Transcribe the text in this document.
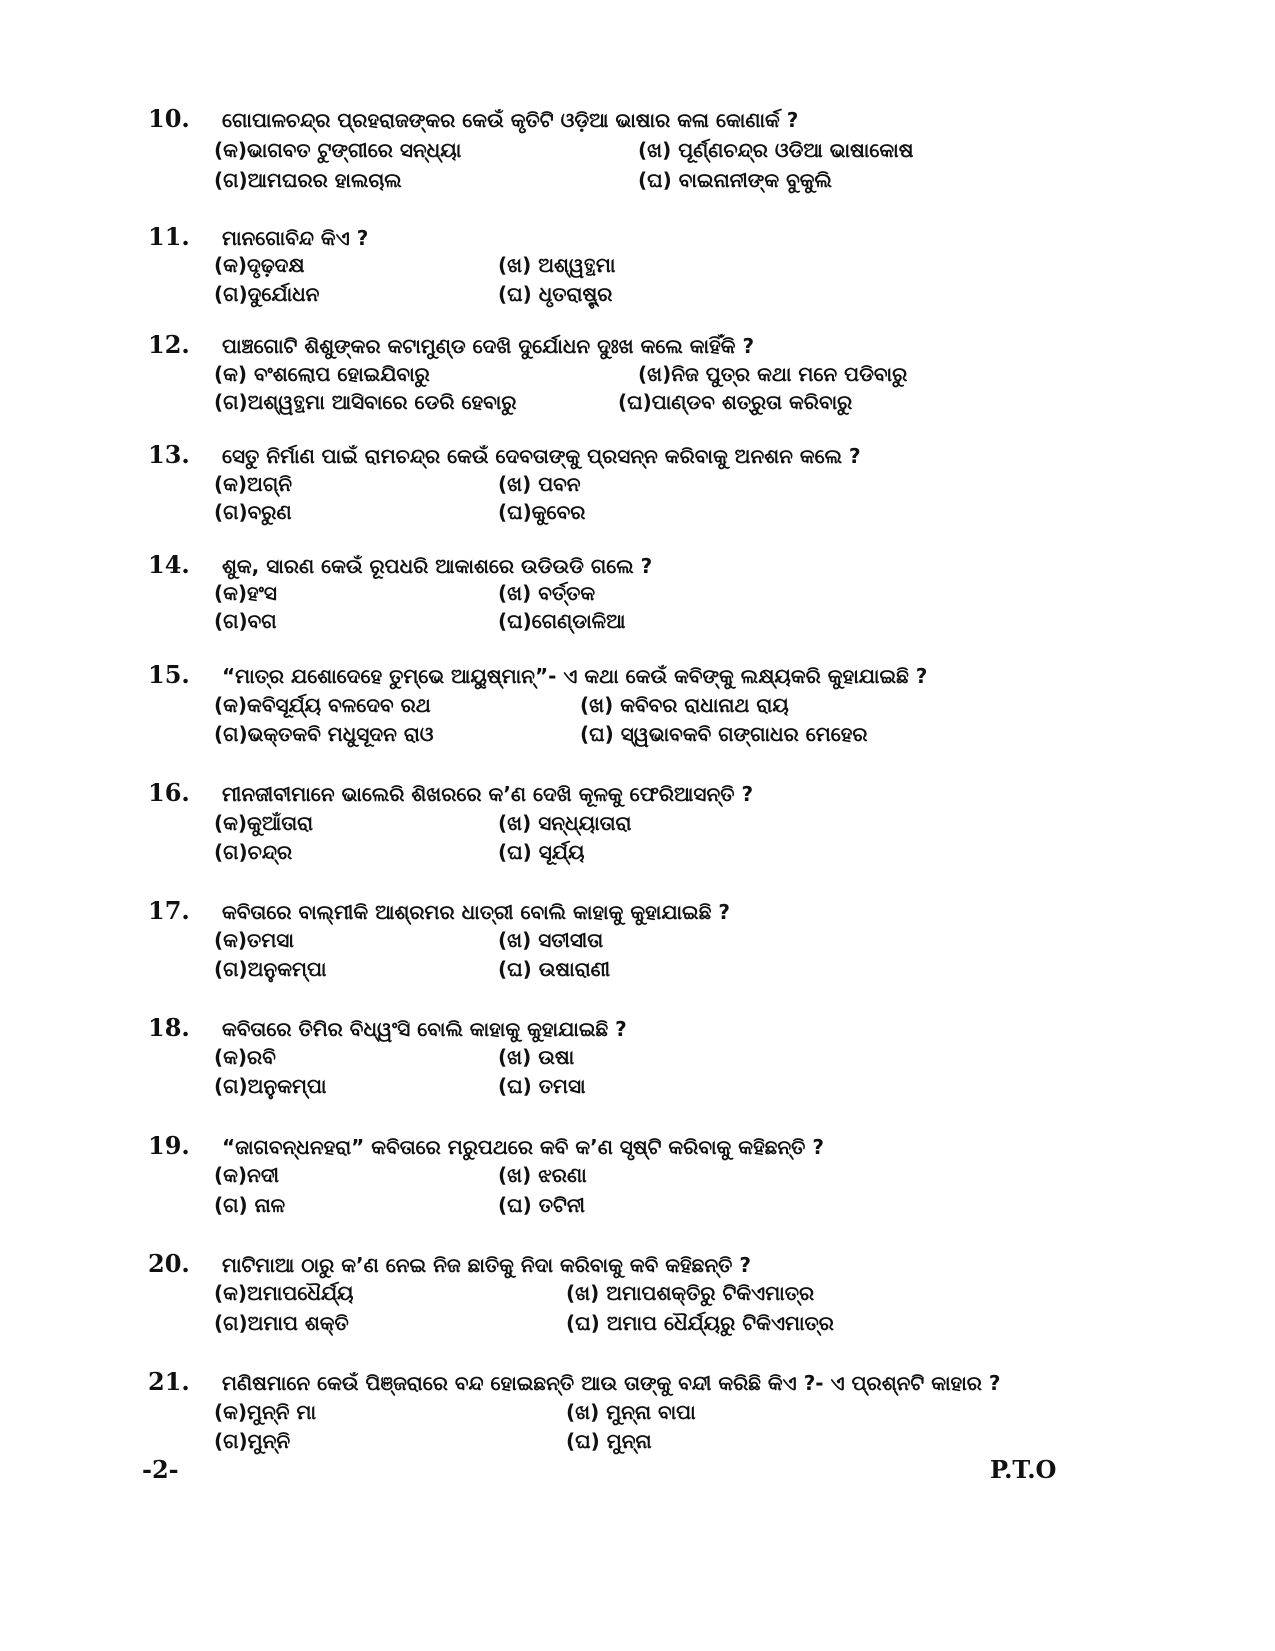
10. ଗୋପାଳଚନ୍ଦ୍ର ପ୍ରହରାଜଙ୍କର କେଉଁ କୃତିଟି ଓଡ଼ିଆ ଭାଷାର କଳା କୋଣାର୍କ ?
(କ)ଭାଗବତ ଟୁଙ୍ଗୀରେ ସନ୍ଧ୍ୟା	(ଖ) ପୂର୍ଣ୍ଣଚନ୍ଦ୍ର ଓଡିଆ ଭାଷାକୋଷ
(ଗ)ଆମଘରର ହାଲଚାଲ	(ଘ) ବାଇନାନୀଙ୍କ ବୁକୁଲି
11. ମାନଗୋବିନ୍ଦ କିଏ ?
(କ)ଦୃଢ଼ଦକ୍ଷ	(ଖ) ଅଶ୍ୱତ୍ଥମା
(ଗ)ଦୁର୍ଯୋଧନ	(ଘ) ଧୃତରାଷ୍ଟ୍ର
12. ପାଞ୍ଚଗୋଟି ଶିଶୁଙ୍କର କଟାମୁଣ୍ଡ ଦେଖି ଦୁର୍ଯୋଧନ ଦୁଃଖ କଲେ କାହିଁକି ?
(କ) ବଂଶଲୋପ ହୋଇଯିବାରୁ	(ଖ)ନିଜ ପୁତ୍ର କଥା ମନେ ପଡିବାରୁ
(ଗ)ଅଶ୍ୱତ୍ଥମା ଆସିବାରେ ଡେରି ହେବାରୁ	(ଘ)ପାଣ୍ଡବ ଶତ୍ରୁତା କରିବାରୁ
13. ସେତୁ ନିର୍ମାଣ ପାଇଁ ରାମଚନ୍ଦ୍ର କେଉଁ ଦେବତାଙ୍କୁ ପ୍ରସନ୍ନ କରିବାକୁ ଅନଶନ କଲେ ?
(କ)ଅଗ୍ନି	(ଖ) ପବନ
(ଗ)ବରୁଣ	(ଘ)କୁବେର
14. ଶୁକ, ସାରଣ କେଉଁ ରୂପଧରି ଆକାଶରେ ଉଡିଉଡି ଗଲେ ?
(କ)ହଂସ	(ଖ) ବର୍ତ୍ତକ
(ଗ)ବଗ	(ଘ)ଗେଣ୍ଡାଳିଆ
15. “ମାତ୍ର ଯଶୋଦେହେ ତୁମ୍ଭେ ଆୟୁଷ୍ମାନ୍”- ଏ କଥା କେଉଁ କବିଙ୍କୁ ଲକ୍ଷ୍ୟକରି କୁହାଯାଇଛି ?
(କ)କବିସୂର୍ଯ୍ୟ ବଳଦେବ ରଥ	(ଖ) କବିବର ରାଧାନାଥ ରାୟ
(ଗ)ଭକ୍ତକବି ମଧୁସୂଦନ ରାଓ	(ଘ) ସ୍ୱଭାବକବି ଗଙ୍ଗାଧର ମେହେର
16. ମୀନଜୀବୀମାନେ ଭାଲେରି ଶିଖରରେ କ’ଣ ଦେଖି କୂଳକୁ ଫେରିଆସନ୍ତି ?
(କ)କୁଆଁତାରା	(ଖ) ସନ୍ଧ୍ୟାତାରା
(ଗ)ଚନ୍ଦ୍ର	(ଘ) ସୂର୍ଯ୍ୟ
17. କବିତାରେ ବାଲ୍ମୀକି ଆଶ୍ରମର ଧାତ୍ରୀ ବୋଲି କାହାକୁ କୁହାଯାଇଛି ?
(କ)ତମସା	(ଖ) ସତୀସୀତା
(ଗ)ଅନୁକମ୍ପା	(ଘ) ଉଷାରାଣୀ
18. କବିତାରେ ତିମିର ବିଧ୍ୱଂସି ବୋଲି କାହାକୁ କୁହାଯାଇଛି ?
(କ)ରବି	(ଖ) ଉଷା
(ଗ)ଅନୁକମ୍ପା	(ଘ) ତମସା
19. “ଜାଗବନ୍ଧନହରା” କବିତାରେ ମରୁପଥରେ କବି କ’ଣ ସୃଷ୍ଟି କରିବାକୁ କହିଛନ୍ତି ?
(କ)ନଦୀ	(ଖ) ଝରଣା
(ଗ) ନାଳ	(ଘ) ତଟିନୀ
20. ମାଟିମାଆ ଠାରୁ କ’ଣ ନେଇ ନିଜ ଛାତିକୁ ନିଦା କରିବାକୁ କବି କହିଛନ୍ତି ?
(କ)ଅମାପଧୈର୍ଯ୍ୟ	(ଖ) ଅମାପଶକ୍ତିରୁ ଟିକିଏମାତ୍ର
(ଗ)ଅମାପ ଶକ୍ତି	(ଘ) ଅମାପ ଧୈର୍ଯ୍ୟରୁ ଟିକିଏମାତ୍ର
21. ମଣିଷମାନେ କେଉଁ ପିଞ୍ଜରାରେ ବନ୍ଦ ହୋଇଛନ୍ତି ଆଉ ତାଙ୍କୁ ବନ୍ଦୀ କରିଛି କିଏ ?- ଏ ପ୍ରଶ୍ନଟି କାହାର ?
(କ)ମୁନ୍ନି ମା	(ଖ) ମୁନ୍ନା ବାପା
(ଗ)ମୁନ୍ନି	(ଘ) ମୁନ୍ନା
-2-	P.T.O
